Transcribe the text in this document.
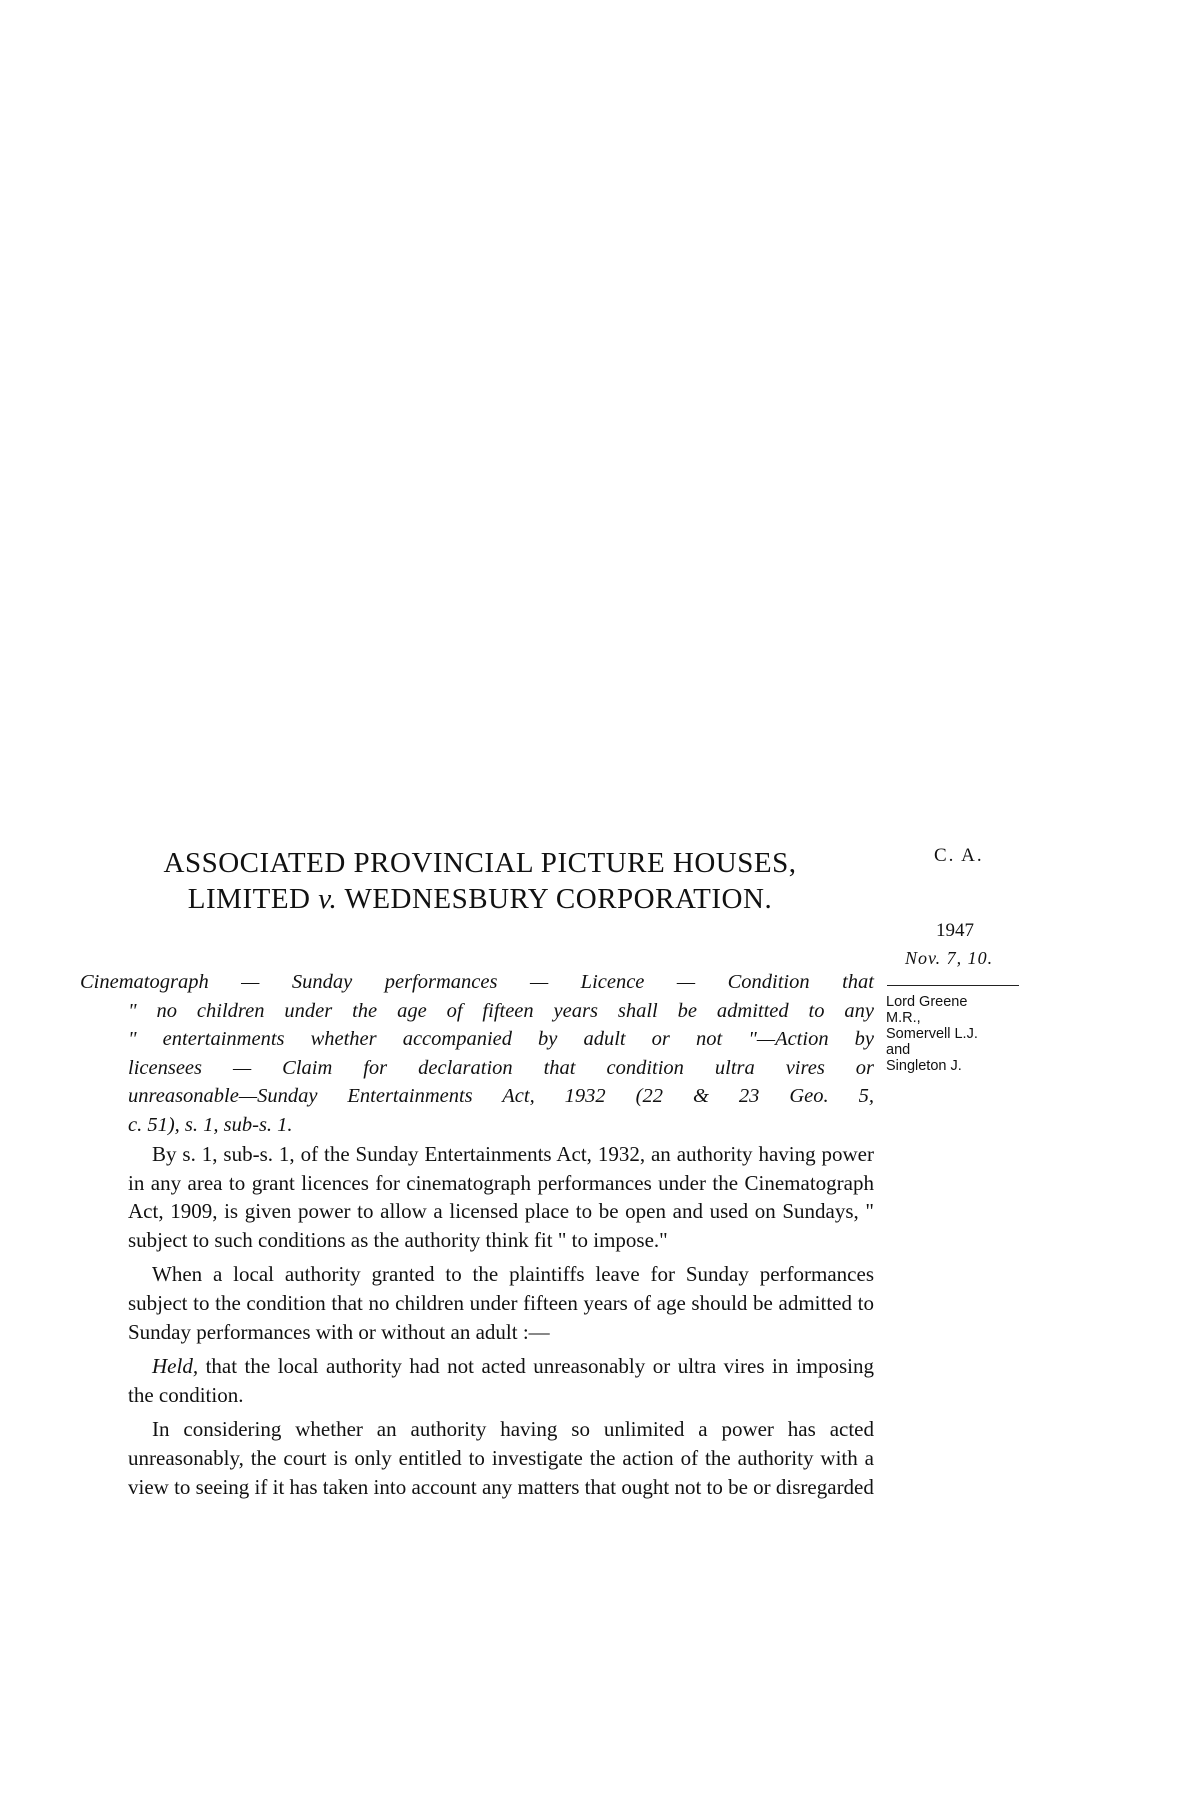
ASSOCIATED PROVINCIAL PICTURE HOUSES,
LIMITED v. WEDNESBURY CORPORATION.
C. A.
1947
Nov. 7, 10.
Lord Greene
M.R.,
Somervell L.J.
and
Singleton J.
Cinematograph — Sunday performances — Licence — Condition that
" no children under the age of fifteen years shall be admitted to any
" entertainments whether accompanied by adult or not "—Action by
licensees — Claim for declaration that condition ultra vires or
unreasonable—Sunday Entertainments Act, 1932 (22 & 23 Geo. 5,
c. 51), s. 1, sub-s. 1.

By s. 1, sub-s. 1, of the Sunday Entertainments Act, 1932, an authority having power in any area to grant licences for cinematograph performances under the Cinematograph Act, 1909, is given power to allow a licensed place to be open and used on Sundays, " subject to such conditions as the authority think fit " to impose."

When a local authority granted to the plaintiffs leave for Sunday performances subject to the condition that no children under fifteen years of age should be admitted to Sunday performances with or without an adult :—

Held, that the local authority had not acted unreasonably or ultra vires in imposing the condition.

In considering whether an authority having so unlimited a power has acted unreasonably, the court is only entitled to investigate the action of the authority with a view to seeing if it has taken into account any matters that ought not to be or disregarded
